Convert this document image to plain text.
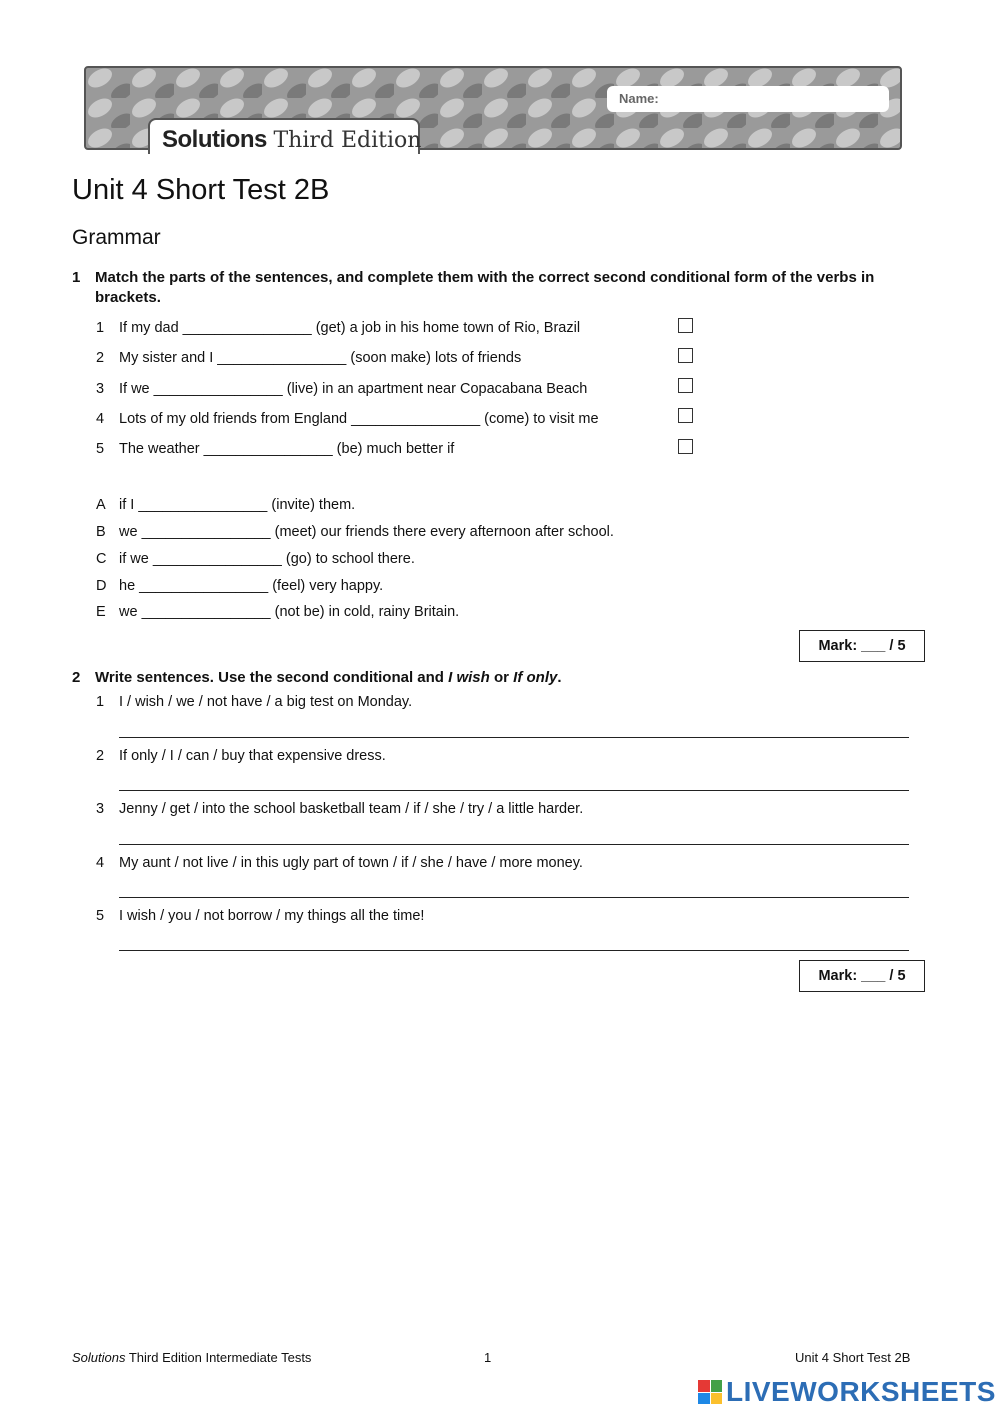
Name:
Solutions Third Edition
Unit 4 Short Test 2B
Grammar
1 Match the parts of the sentences, and complete them with the correct second conditional form of the verbs in brackets.
1 If my dad ________________ (get) a job in his home town of Rio, Brazil
2 My sister and I ________________ (soon make) lots of friends
3 If we ________________ (live) in an apartment near Copacabana Beach
4 Lots of my old friends from England ________________ (come) to visit me
5 The weather ________________ (be) much better if
A if I ________________ (invite) them.
B we ________________ (meet) our friends there every afternoon after school.
C if we ________________ (go) to school there.
D he ________________ (feel) very happy.
E we ________________ (not be) in cold, rainy Britain.
Mark: ___ / 5
2 Write sentences. Use the second conditional and I wish or If only.
1 I / wish / we / not have / a big test on Monday.
2 If only / I / can / buy that expensive dress.
3 Jenny / get / into the school basketball team / if / she / try / a little harder.
4 My aunt / not live / in this ugly part of town / if / she / have / more money.
5 I wish / you / not borrow / my things all the time!
Mark: ___ / 5
Solutions Third Edition Intermediate Tests	1	Unit 4 Short Test 2B
LIVEWORKSHEETS
